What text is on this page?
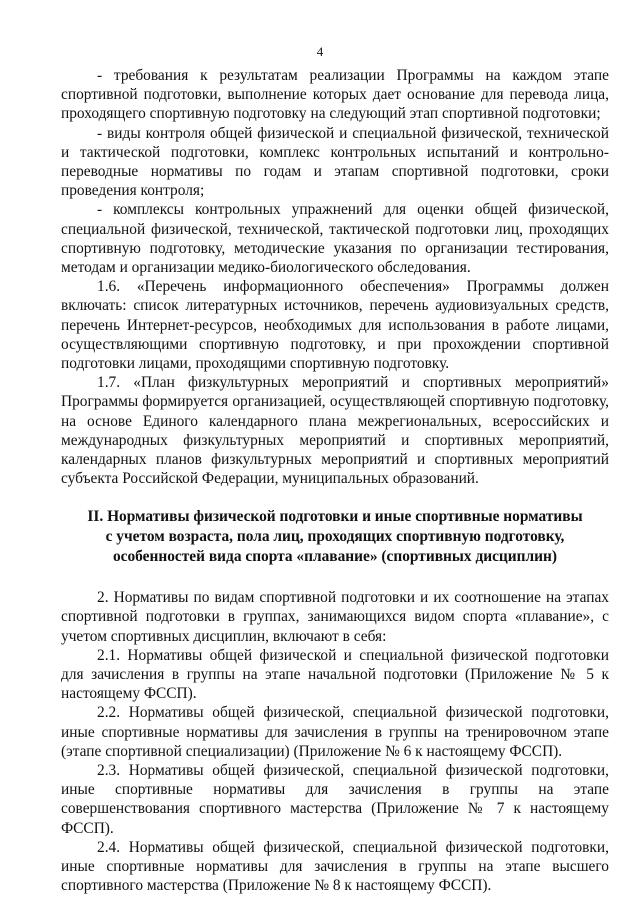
4

- требования к результатам реализации Программы на каждом этапе спортивной подготовки, выполнение которых дает основание для перевода лица, проходящего спортивную подготовку на следующий этап спортивной подготовки;

- виды контроля общей физической и специальной физической, технической и тактической подготовки, комплекс контрольных испытаний и контрольно-переводные нормативы по годам и этапам спортивной подготовки, сроки проведения контроля;

- комплексы контрольных упражнений для оценки общей физической, специальной физической, технической, тактической подготовки лиц, проходящих спортивную подготовку, методические указания по организации тестирования, методам и организации медико-биологического обследования.

1.6. «Перечень информационного обеспечения» Программы должен включать: список литературных источников, перечень аудиовизуальных средств, перечень Интернет-ресурсов, необходимых для использования в работе лицами, осуществляющими спортивную подготовку, и при прохождении спортивной подготовки лицами, проходящими спортивную подготовку.

1.7. «План физкультурных мероприятий и спортивных мероприятий» Программы формируется организацией, осуществляющей спортивную подготовку, на основе Единого календарного плана межрегиональных, всероссийских и международных физкультурных мероприятий и спортивных мероприятий, календарных планов физкультурных мероприятий и спортивных мероприятий субъекта Российской Федерации, муниципальных образований.

II. Нормативы физической подготовки и иные спортивные нормативы
с учетом возраста, пола лиц, проходящих спортивную подготовку,
особенностей вида спорта «плавание» (спортивных дисциплин)

2. Нормативы по видам спортивной подготовки и их соотношение на этапах спортивной подготовки в группах, занимающихся видом спорта «плавание», с учетом спортивных дисциплин, включают в себя:

2.1. Нормативы общей физической и специальной физической подготовки для зачисления в группы на этапе начальной подготовки (Приложение № 5 к настоящему ФССП).

2.2. Нормативы общей физической, специальной физической подготовки, иные спортивные нормативы для зачисления в группы на тренировочном этапе (этапе спортивной специализации) (Приложение № 6 к настоящему ФССП).

2.3. Нормативы общей физической, специальной физической подготовки, иные спортивные нормативы для зачисления в группы на этапе совершенствования спортивного мастерства (Приложение № 7 к настоящему ФССП).

2.4. Нормативы общей физической, специальной физической подготовки, иные спортивные нормативы для зачисления в группы на этапе высшего спортивного мастерства (Приложение № 8 к настоящему ФССП).
